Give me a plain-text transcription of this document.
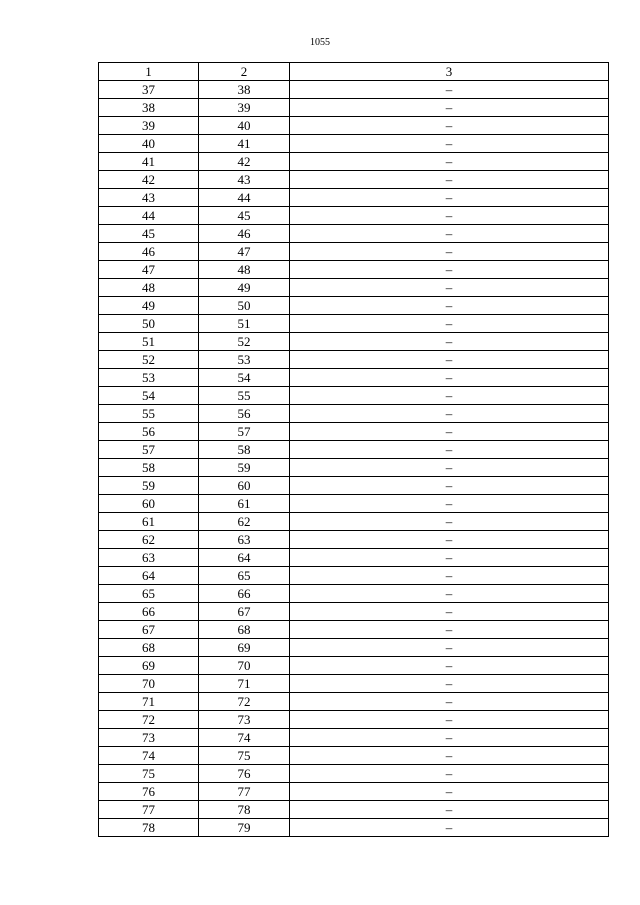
1055
1	2	3
37	38	–
38	39	–
39	40	–
40	41	–
41	42	–
42	43	–
43	44	–
44	45	–
45	46	–
46	47	–
47	48	–
48	49	–
49	50	–
50	51	–
51	52	–
52	53	–
53	54	–
54	55	–
55	56	–
56	57	–
57	58	–
58	59	–
59	60	–
60	61	–
61	62	–
62	63	–
63	64	–
64	65	–
65	66	–
66	67	–
67	68	–
68	69	–
69	70	–
70	71	–
71	72	–
72	73	–
73	74	–
74	75	–
75	76	–
76	77	–
77	78	–
78	79	–
